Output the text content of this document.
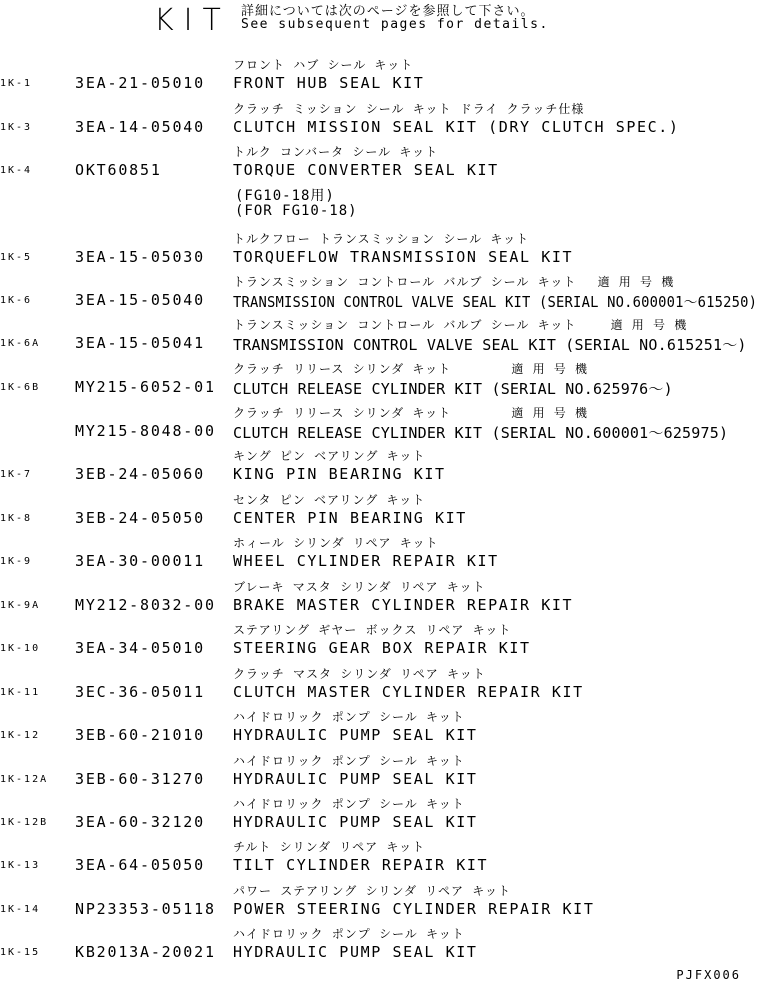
KIT 詳細については次のページを参照して下さい。
See subsequent pages for details.
フロント ハブ シール キット
1K-1	3EA-21-05010 FRONT HUB SEAL KIT
クラッチ ミッション シール キット ドライ クラッチ仕様
1K-3	3EA-14-05040 CLUTCH MISSION SEAL KIT (DRY CLUTCH SPEC.)
トルク コンバータ シール キット
1K-4	OKT60851	TORQUE CONVERTER SEAL KIT
(FG10-18用)
(FOR FG10-18)
トルクフロー トランスミッション シール キット
1K-5	3EA-15-05030 TORQUEFLOW TRANSMISSION SEAL KIT
トランスミッション コントロール バルブ シール キット　 適 用 号 機
1K-6	3EA-15-05040 TRANSMISSION CONTROL VALVE SEAL KIT (SERIAL NO.600001～615250)
トランスミッション コントロール バルブ シール キット　　 適 用 号 機
1K-6A 3EA-15-05041 TRANSMISSION CONTROL VALVE SEAL KIT (SERIAL NO.615251～)
クラッチ リリース シリンダ キット　　　　 適 用 号 機
1K-6B MY215-6052-01 CLUTCH RELEASE CYLINDER KIT (SERIAL NO.625976～)
クラッチ リリース シリンダ キット　　　　 適 用 号 機
MY215-8048-00 CLUTCH RELEASE CYLINDER KIT (SERIAL NO.600001～625975)
キング ピン ベアリング キット
1K-7	3EB-24-05060 KING PIN BEARING KIT
センタ ピン ベアリング キット
1K-8	3EB-24-05050 CENTER PIN BEARING KIT
ホィール シリンダ リペア キット
1K-9	3EA-30-00011 WHEEL CYLINDER REPAIR KIT
ブレーキ マスタ シリンダ リペア キット
1K-9A MY212-8032-00 BRAKE MASTER CYLINDER REPAIR KIT
ステアリング ギヤー ボックス リペア キット
1K-10 3EA-34-05010 STEERING GEAR BOX REPAIR KIT
クラッチ マスタ シリンダ リペア キット
1K-11 3EC-36-05011 CLUTCH MASTER CYLINDER REPAIR KIT
ハイドロリック ポンプ シール キット
1K-12 3EB-60-21010 HYDRAULIC PUMP SEAL KIT
ハイドロリック ポンプ シール キット
1K-12A 3EB-60-31270 HYDRAULIC PUMP SEAL KIT
ハイドロリック ポンプ シール キット
1K-12B 3EA-60-32120 HYDRAULIC PUMP SEAL KIT
チルト シリンダ リペア キット
1K-13 3EA-64-05050 TILT CYLINDER REPAIR KIT
パワー ステアリング シリンダ リペア キット
1K-14 NP23353-05118 POWER STEERING CYLINDER REPAIR KIT
ハイドロリック ポンプ シール キット
1K-15 KB2013A-20021 HYDRAULIC PUMP SEAL KIT
PJFX006
